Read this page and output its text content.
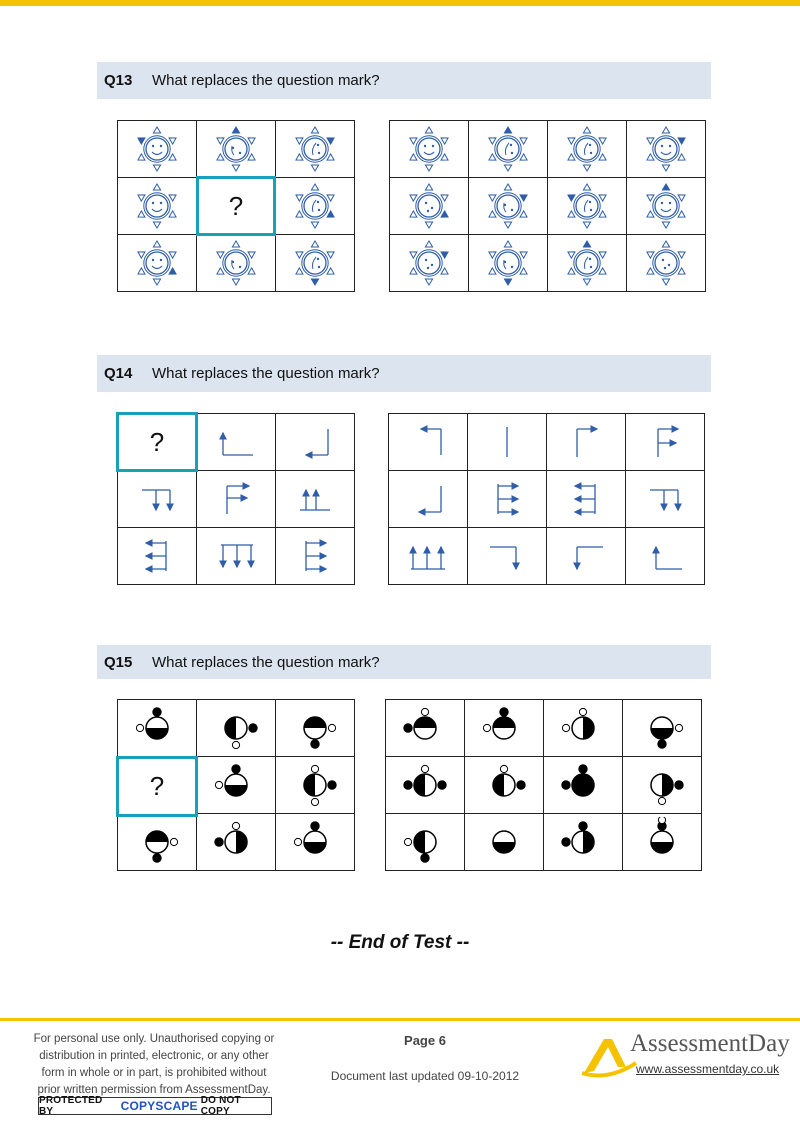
Q13	What replaces the question mark?

?

Q14	What replaces the question mark?

?

Q15	What replaces the question mark?

?

-- End of Test --
For personal use only. Unauthorised copying or
distribution in printed, electronic, or any other
form in whole or in part, is prohibited without
prior written permission from AssessmentDay.
PROTECTED BY	COPYSCAPE DO NOT COPY
Page 6
Document last updated 09-10-2012
AssessmentDay
www.assessmentday.co.uk
